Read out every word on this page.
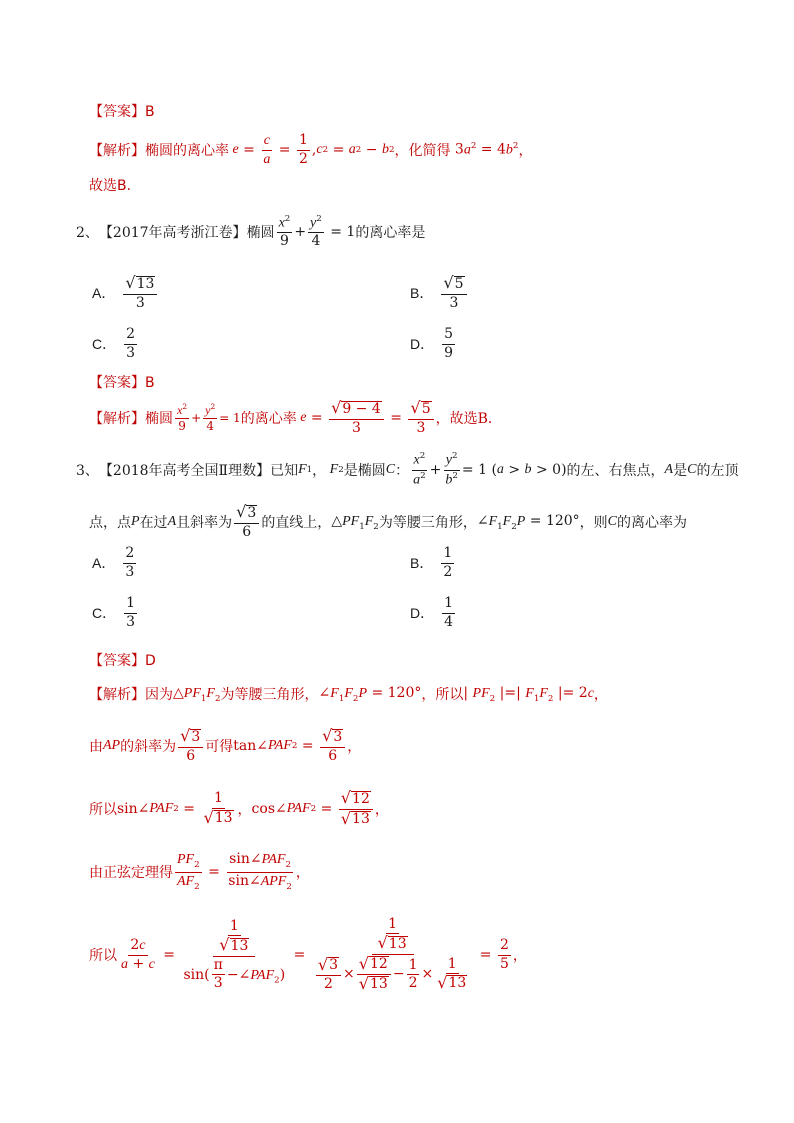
【答案】B
【解析】 椭圆的离心率 $e = \frac{c}{a} = \frac{1}{2}$ , c 2 = a 2 − b 2 ，化简得 $3a^2 = 4b^2$ ，
故选B.
2、 【2017年高考浙江卷】 椭圆 $\frac{x^2}{9} + \frac{y^2}{4} = 1$ 的离心率是
A． $\frac{√ 13}{3}$	B． $\frac{√ 5}{3}$
C． $\frac{2}{3}$	D． $\frac{5}{9}$
【答案】B
【解析】 椭圆 $\frac{x^2}{9} + \frac{y^2}{4} = 1$ 的离心率 $e = \frac{√ 9 - 4}{3} = \frac{√ 5}{3}$ ，故选B．
3、 【2018年高考全国Ⅱ理数】 已知 F 1 ， F 2 是椭圆 C ： $\frac{x^2}{a^2} + \frac{y^2}{b^2} = 1$ ( a > b > 0) 的左、右焦点， A 是 C 的左顶
点，点 P 在过 A 且斜率为 $\frac{√ 3}{6}$ 的直线上， $\triangle PF_1F_2$ 为等腰三角形， $\angle F_1F_2P = 120^\circ$ ，则 C 的离心率为
A． $\frac{2}{3}$	B． $\frac{1}{2}$
C． $\frac{1}{3}$	D． $\frac{1}{4}$
【答案】D
【解析】 因为 $\triangle PF_1F_2$ 为等腰三角形， $\angle F_1F_2P = 120^\circ$ ，所以 | $PF_2$ |=| $F_1F_2$ |= 2c ，
由 AP 的斜率为 $\frac{√ 3}{6}$ 可得 tan∠ PAF $2 = \frac{√ 3}{6}$ ，
所以 sin∠ PAF $2 = \frac{1}{√ 13}$ ， cos∠ PAF $2 = \frac{√ 12}{√ 13}$ ，
由正弦定理得 $\frac{PF_2}{AF_2} = \frac{\sin\angle PAF_2}{\sin\angle APF_2}$ ，
所以 $\frac{2c}{a + c} = \frac{\frac{1}{√ 13}}{\sin( \frac{\pi}{3} -\angle PAF_2)} = \frac{\frac{1}{√ 13}}{\frac{√ 3}{2} \times \frac{√ 12}{√ 13} - \frac{1}{2} \times \frac{1}{√ 13}} = \frac{2}{5}$ ，
